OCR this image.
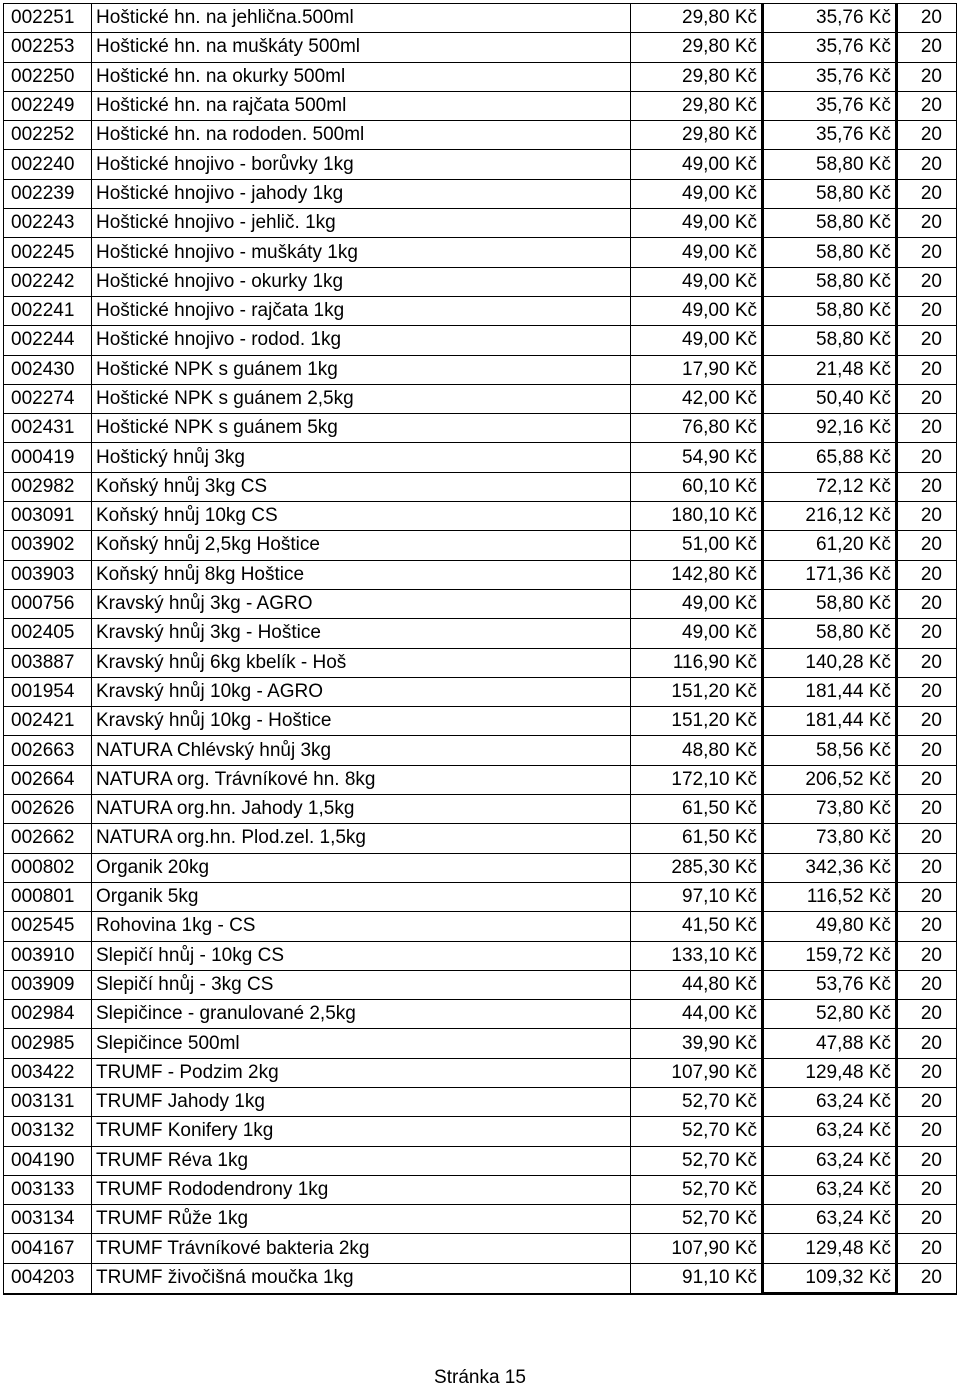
002251	Hoštické hn. na jehlična.500ml	29,80 Kč	35,76 Kč	20
002253	Hoštické hn. na muškáty 500ml	29,80 Kč	35,76 Kč	20
002250	Hoštické hn. na okurky 500ml	29,80 Kč	35,76 Kč	20
002249	Hoštické hn. na rajčata 500ml	29,80 Kč	35,76 Kč	20
002252	Hoštické hn. na rododen. 500ml	29,80 Kč	35,76 Kč	20
002240	Hoštické hnojivo - borůvky 1kg	49,00 Kč	58,80 Kč	20
002239	Hoštické hnojivo - jahody 1kg	49,00 Kč	58,80 Kč	20
002243	Hoštické hnojivo - jehlič. 1kg	49,00 Kč	58,80 Kč	20
002245	Hoštické hnojivo - muškáty 1kg	49,00 Kč	58,80 Kč	20
002242	Hoštické hnojivo - okurky 1kg	49,00 Kč	58,80 Kč	20
002241	Hoštické hnojivo - rajčata 1kg	49,00 Kč	58,80 Kč	20
002244	Hoštické hnojivo - rodod. 1kg	49,00 Kč	58,80 Kč	20
002430	Hoštické NPK s guánem 1kg	17,90 Kč	21,48 Kč	20
002274	Hoštické NPK s guánem 2,5kg	42,00 Kč	50,40 Kč	20
002431	Hoštické NPK s guánem 5kg	76,80 Kč	92,16 Kč	20
000419	Hoštický hnůj 3kg	54,90 Kč	65,88 Kč	20
002982	Koňský hnůj 3kg CS	60,10 Kč	72,12 Kč	20
003091	Koňský hnůj 10kg CS	180,10 Kč	216,12 Kč	20
003902	Koňský hnůj 2,5kg Hoštice	51,00 Kč	61,20 Kč	20
003903	Koňský hnůj 8kg Hoštice	142,80 Kč	171,36 Kč	20
000756	Kravský hnůj 3kg - AGRO	49,00 Kč	58,80 Kč	20
002405	Kravský hnůj 3kg - Hoštice	49,00 Kč	58,80 Kč	20
003887	Kravský hnůj 6kg kbelík - Hoš	116,90 Kč	140,28 Kč	20
001954	Kravský hnůj 10kg - AGRO	151,20 Kč	181,44 Kč	20
002421	Kravský hnůj 10kg - Hoštice	151,20 Kč	181,44 Kč	20
002663	NATURA Chlévský hnůj 3kg	48,80 Kč	58,56 Kč	20
002664	NATURA org. Trávníkové hn. 8kg	172,10 Kč	206,52 Kč	20
002626	NATURA org.hn. Jahody 1,5kg	61,50 Kč	73,80 Kč	20
002662	NATURA org.hn. Plod.zel. 1,5kg	61,50 Kč	73,80 Kč	20
000802	Organik 20kg	285,30 Kč	342,36 Kč	20
000801	Organik 5kg	97,10 Kč	116,52 Kč	20
002545	Rohovina 1kg - CS	41,50 Kč	49,80 Kč	20
003910	Slepičí hnůj - 10kg CS	133,10 Kč	159,72 Kč	20
003909	Slepičí hnůj - 3kg CS	44,80 Kč	53,76 Kč	20
002984	Slepičince - granulované 2,5kg	44,00 Kč	52,80 Kč	20
002985	Slepičince 500ml	39,90 Kč	47,88 Kč	20
003422	TRUMF - Podzim 2kg	107,90 Kč	129,48 Kč	20
003131	TRUMF Jahody 1kg	52,70 Kč	63,24 Kč	20
003132	TRUMF Konifery 1kg	52,70 Kč	63,24 Kč	20
004190	TRUMF Réva 1kg	52,70 Kč	63,24 Kč	20
003133	TRUMF Rododendrony 1kg	52,70 Kč	63,24 Kč	20
003134	TRUMF Růže 1kg	52,70 Kč	63,24 Kč	20
004167	TRUMF Trávníkové bakteria 2kg	107,90 Kč	129,48 Kč	20
004203	TRUMF živočišná moučka 1kg	91,10 Kč	109,32 Kč	20
Stránka 15
